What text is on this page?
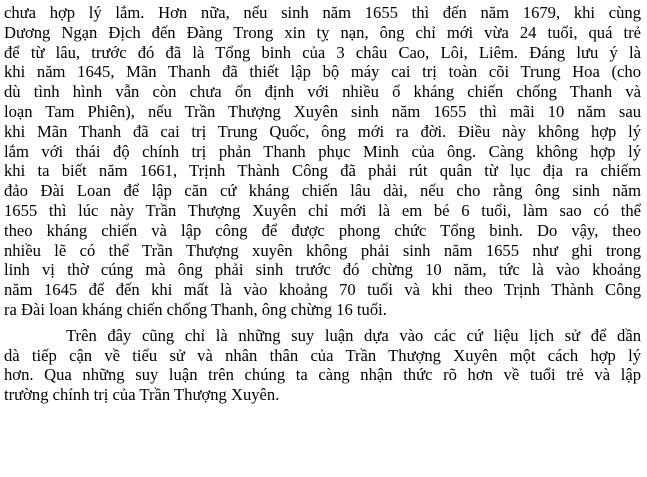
chưa hợp lý lắm. Hơn nữa, nếu sinh năm 1655 thì đến năm 1679, khi cùng
Dương Ngạn Địch đến Đàng Trong xin tỵ nạn, ông chỉ mới vừa 24 tuổi, quá trẻ
để từ lâu, trước đó đã là Tổng binh của 3 châu Cao, Lôi, Liêm. Đáng lưu ý là
khi năm 1645, Mãn Thanh đã thiết lập bộ máy cai trị toàn cõi Trung Hoa (cho
dù tình hình vẫn còn chưa ổn định với nhiều ổ kháng chiến chống Thanh và
loạn Tam Phiên), nếu Trần Thượng Xuyên sinh năm 1655 thì mãi 10 năm sau
khi Mãn Thanh đã cai trị Trung Quốc, ông mới ra đời. Điều này không hợp lý
lắm với thái độ chính trị phản Thanh phục Minh của ông. Càng không hợp lý
khi ta biết năm 1661, Trịnh Thành Công đã phải rút quân từ lục địa ra chiếm
đảo Đài Loan để lập căn cứ kháng chiến lâu dài, nếu cho rằng ông sinh năm
1655 thì lúc này Trần Thượng Xuyên chỉ mới là em bé 6 tuổi, làm sao có thể
theo kháng chiến và lập công để được phong chức Tổng binh. Do vậy, theo
nhiều lẽ có thể Trần Thượng xuyên không phải sinh năm 1655 như ghi trong
linh vị thờ cúng mà ông phải sinh trước đó chừng 10 năm, tức là vào khoảng
năm 1645 để đến khi mất là vào khoảng 70 tuổi và khi theo Trịnh Thành Công
ra Đài loan kháng chiến chống Thanh, ông chừng 16 tuổi.
Trên đây cũng chỉ là những suy luận dựa vào các cứ liệu lịch sử để dần
dà tiếp cận về tiểu sử và nhân thân của Trần Thượng Xuyên một cách hợp lý
hơn. Qua những suy luận trên chúng ta càng nhận thức rõ hơn về tuổi trẻ và lập
trường chính trị của Trần Thượng Xuyên.
